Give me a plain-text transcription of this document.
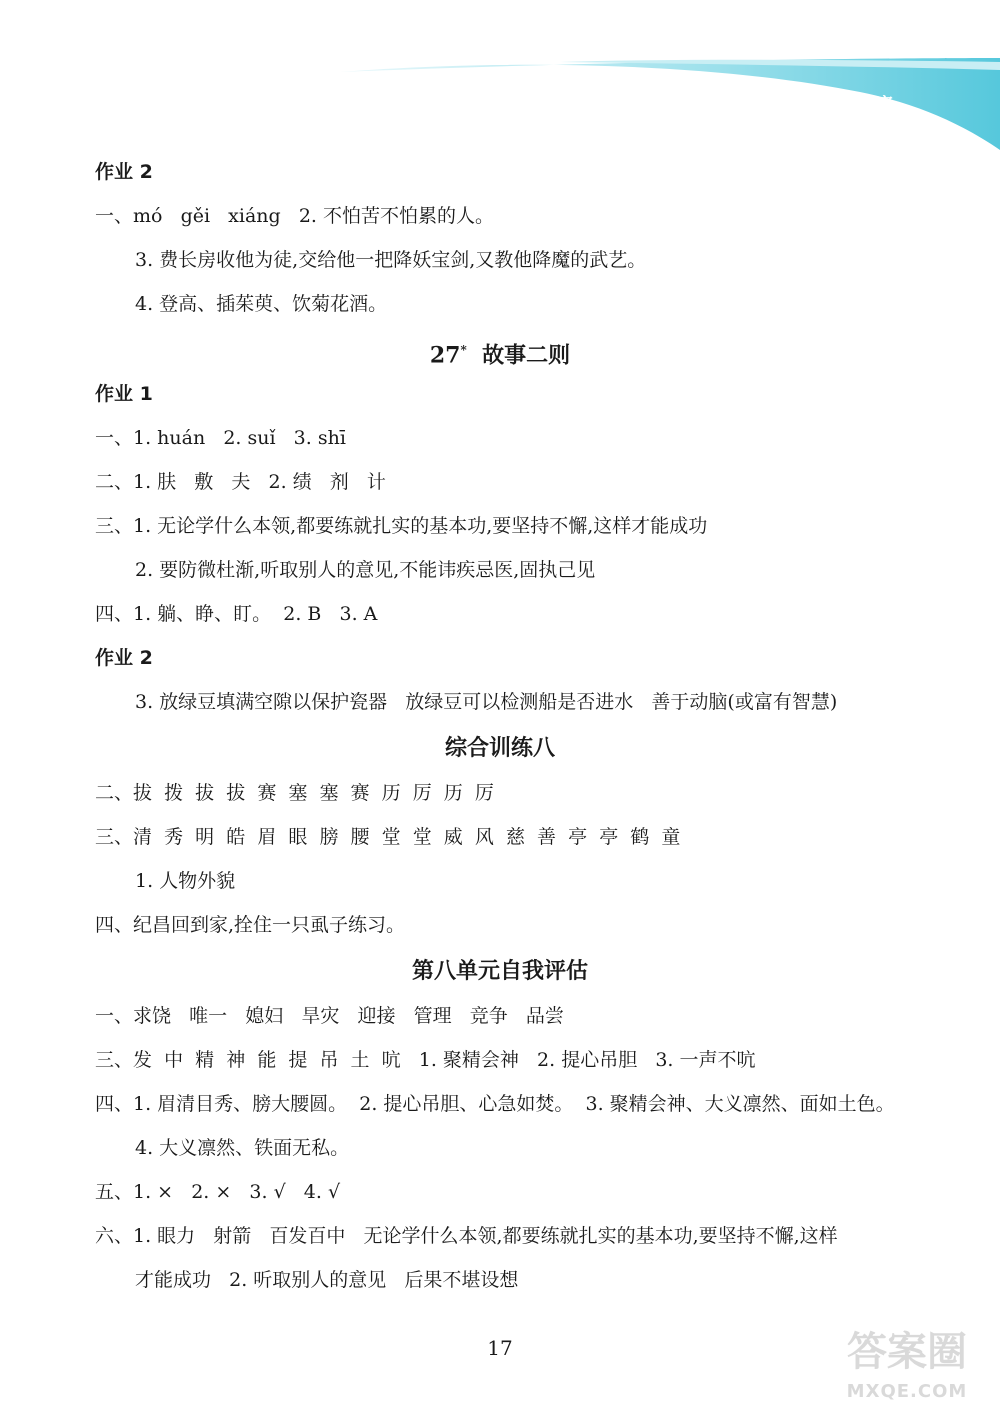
部分参考答案
作业 2
一、mó   gěi   xiáng   2. 不怕苦不怕累的人。
3. 费长房收他为徒,交给他一把降妖宝剑,又教他降魔的武艺。
4. 登高、插茱萸、饮菊花酒。
27* 故事二则
作业 1
一、1. huán   2. suǐ   3. shī
二、1. 肤   敷   夫   2. 绩   剂   计
三、1. 无论学什么本领,都要练就扎实的基本功,要坚持不懈,这样才能成功
2. 要防微杜渐,听取别人的意见,不能讳疾忌医,固执己见
四、1. 躺、睁、盯。  2. B   3. A
作业 2
3. 放绿豆填满空隙以保护瓷器   放绿豆可以检测船是否进水   善于动脑(或富有智慧)
综合训练八
二、拔  拨  拔  拔  赛  塞  塞  赛  历  厉  历  厉
三、清  秀  明  皓  眉  眼  膀  腰  堂  堂  威  风  慈  善  亭  亭  鹤  童
1. 人物外貌
四、纪昌回到家,拴住一只虱子练习。
第八单元自我评估
一、求饶   唯一   媳妇   旱灾   迎接   管理   竞争   品尝
三、发  中  精  神  能  提  吊  土  吭   1. 聚精会神   2. 提心吊胆   3. 一声不吭
四、1. 眉清目秀、膀大腰圆。  2. 提心吊胆、心急如焚。  3. 聚精会神、大义凛然、面如土色。
4. 大义凛然、铁面无私。
五、1. ×   2. ×   3. √   4. √
六、1. 眼力   射箭   百发百中   无论学什么本领,都要练就扎实的基本功,要坚持不懈,这样
才能成功   2. 听取别人的意见   后果不堪设想
17	答案圈
MXQE.COM
